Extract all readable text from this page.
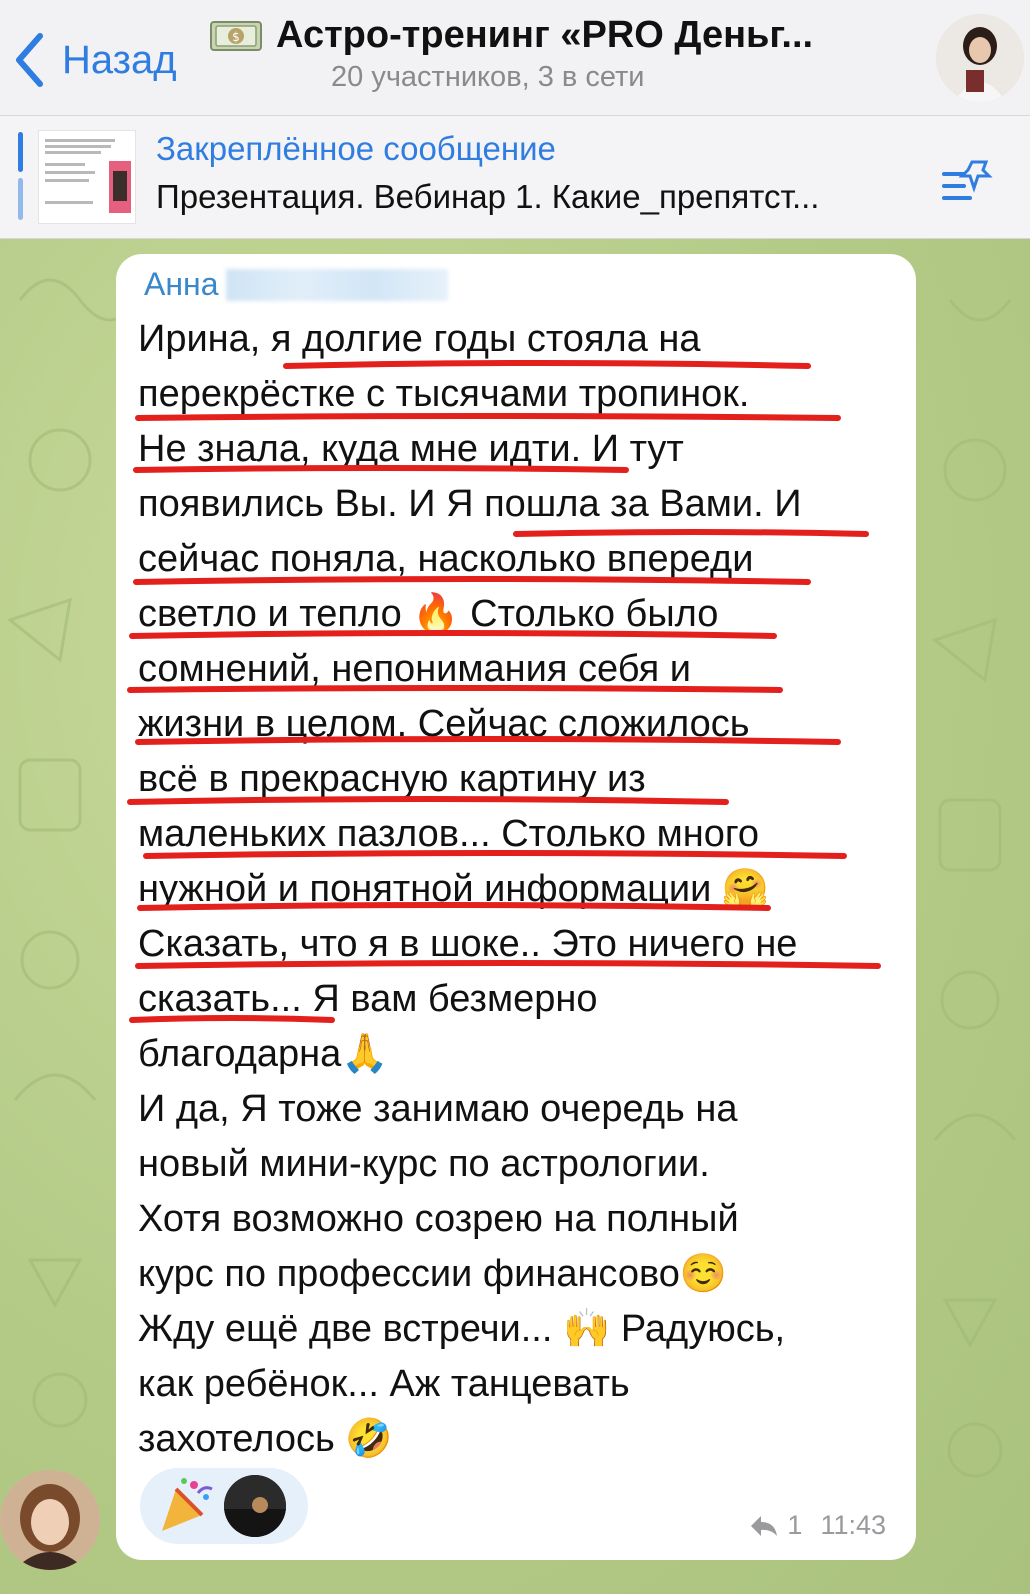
Назад
$ Астро-тренинг «PRO Деньг...
20 участников, 3 в сети
Закреплённое сообщение
Презентация. Вебинар 1. Какие_препятст...
Анна
Ирина, я долгие годы стояла на
перекрёстке с тысячами тропинок.
Не знала, куда мне идти. И тут
появились Вы. И Я пошла за Вами. И
сейчас поняла, насколько впереди
светло и тепло 🔥 Столько было
сомнений, непонимания себя и
жизни в целом. Сейчас сложилось
всё в прекрасную картину из
маленьких пазлов... Столько много
нужной и понятной информации 🤗
Сказать, что я в шоке.. Это ничего не
сказать... Я вам безмерно
благодарна🙏
И да, Я тоже занимаю очередь на
новый мини-курс по астрологии.
Хотя возможно созрею на полный
курс по профессии финансово☺️
Жду ещё две встречи... 🙌 Радуюсь,
как ребёнок... Аж танцевать
захотелось 🤣
1 11:43
